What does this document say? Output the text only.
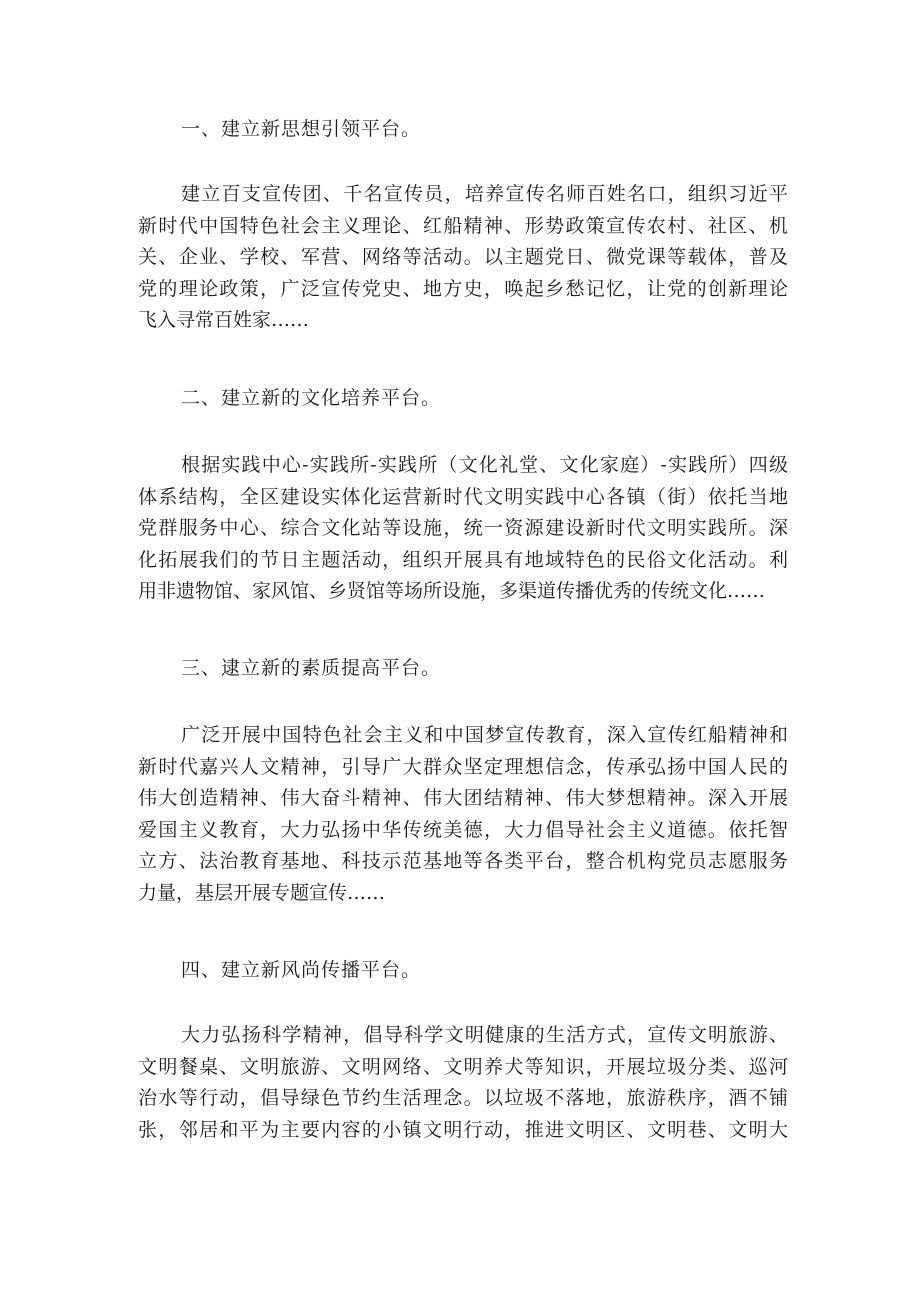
一、建立新思想引领平台。
建立百支宣传团、千名宣传员，培养宣传名师百姓名口，组织习近平
新时代中国特色社会主义理论、红船精神、形势政策宣传农村、社区、机
关、企业、学校、军营、网络等活动。以主题党日、微党课等载体，普及
党的理论政策，广泛宣传党史、地方史，唤起乡愁记忆，让党的创新理论
飞入寻常百姓家……
二、建立新的文化培养平台。
根据实践中心-实践所-实践所（文化礼堂、文化家庭）-实践所）四级
体系结构，全区建设实体化运营新时代文明实践中心各镇（街）依托当地
党群服务中心、综合文化站等设施，统一资源建设新时代文明实践所。深
化拓展我们的节日主题活动，组织开展具有地域特色的民俗文化活动。利
用非遗物馆、家风馆、乡贤馆等场所设施，多渠道传播优秀的传统文化……
三、逮立新的素质提高平台。
广泛开展中国特色社会主义和中国梦宣传教育，深入宣传红船精神和
新时代嘉兴人文精神，引导广大群众坚定理想信念，传承弘扬中国人民的
伟大创造精神、伟大奋斗精神、伟大团结精神、伟大梦想精神。深入开展
爱国主义教育，大力弘扬中华传统美德，大力倡导社会主义道德。依托智
立方、法治教育基地、科技示范基地等各类平台，整合机构党员志愿服务
力量，基层开展专题宣传……
四、建立新风尚传播平台。
大力弘扬科学精神，倡导科学文明健康的生活方式，宣传文明旅游、
文明餐桌、文明旅游、文明网络、文明养犬等知识，开展垃圾分类、巡河
治水等行动，倡导绿色节约生活理念。以垃圾不落地，旅游秩序，酒不铺
张，邻居和平为主要内容的小镇文明行动，推进文明区、文明巷、文明大
